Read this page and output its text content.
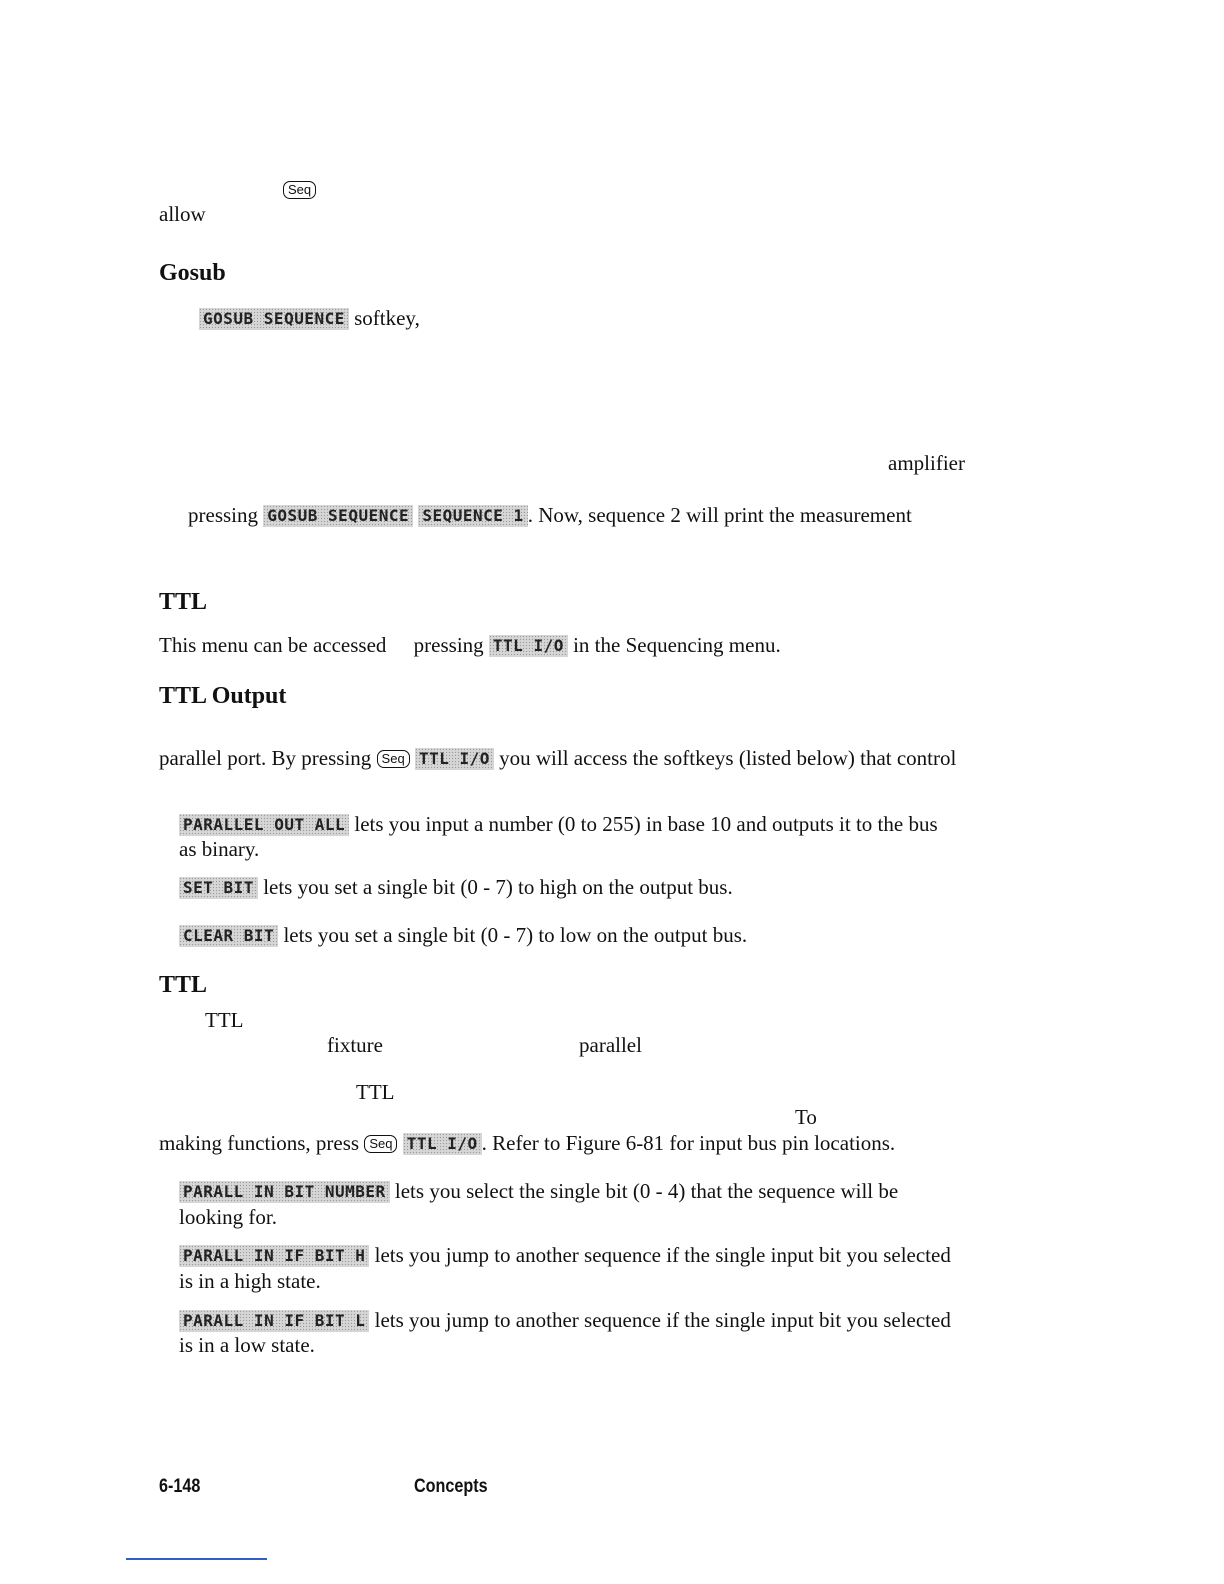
Seq
allow
Gosub
GOSUB SEQUENCE softkey,
amplifier
pressing GOSUB SEQUENCE SEQUENCE 1 . Now, sequence 2 will print the measurement
TTL
This menu can be accessed pressing TTL I/O in the Sequencing menu.
TTL Output
parallel port. By pressing Seq TTL I/O you will access the softkeys (listed below) that control
PARALLEL OUT ALL lets you input a number (0 to 255) in base 10 and outputs it to the bus
as binary.
SET BIT lets you set a single bit (0 - 7) to high on the output bus.
CLEAR BIT lets you set a single bit (0 - 7) to low on the output bus.
TTL
TTL
fixture	parallel
TTL
To
making functions, press Seq TTL I/O . Refer to Figure 6-81 for input bus pin locations.
PARALL IN BIT NUMBER lets you select the single bit (0 - 4) that the sequence will be
looking for.
PARALL IN IF BIT H lets you jump to another sequence if the single input bit you selected
is in a high state.
PARALL IN IF BIT L lets you jump to another sequence if the single input bit you selected
is in a low state.
6-148	Concepts
